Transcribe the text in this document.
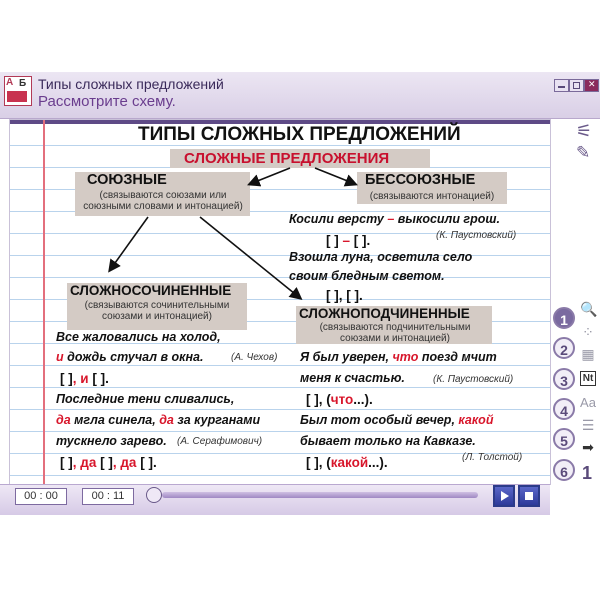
А Б Типы сложных предложений
Рассмотрите схему.
✕
ТИПЫ СЛОЖНЫХ ПРЕДЛОЖЕНИЙ
СЛОЖНЫЕ ПРЕДЛОЖЕНИЯ
СОЮЗНЫЕ
(связываются союзами или союзными словами и интонацией)
БЕССОЮЗНЫЕ
(связываются интонацией)
Косили версту – выкосили грош.
(К. Паустовский)
[ ] – [ ].
Взошла луна, осветила село
своим бледным светом.
[ ], [ ].
СЛОЖНОСОЧИНЕННЫЕ
(связываются сочинительными союзами и интонацией)	СЛОЖНОПОДЧИНЕННЫЕ
(связываются подчинительными союзами и интонацией)
Все жаловались на холод,
и дождь стучал в окна.	(А. Чехов)
[ ], и [ ].
Последние тени сливались,
да мгла синела, да за курганами
тускнело зарево. (А. Серафимович)
[ ], да [ ], да [ ].
Я был уверен, что поезд мчит
меня к счастью.	(К. Паустовский)
[ ], (что...).
Был тот особый вечер, какой
бывает только на Кавказе.
(Л. Толстой)
[ ], (какой...).
00 : 00	00 : 11
⚟
✎
1
2
3
4
5
6
🔍
⁘
▦
Nt
Aa
☰
➡
1
